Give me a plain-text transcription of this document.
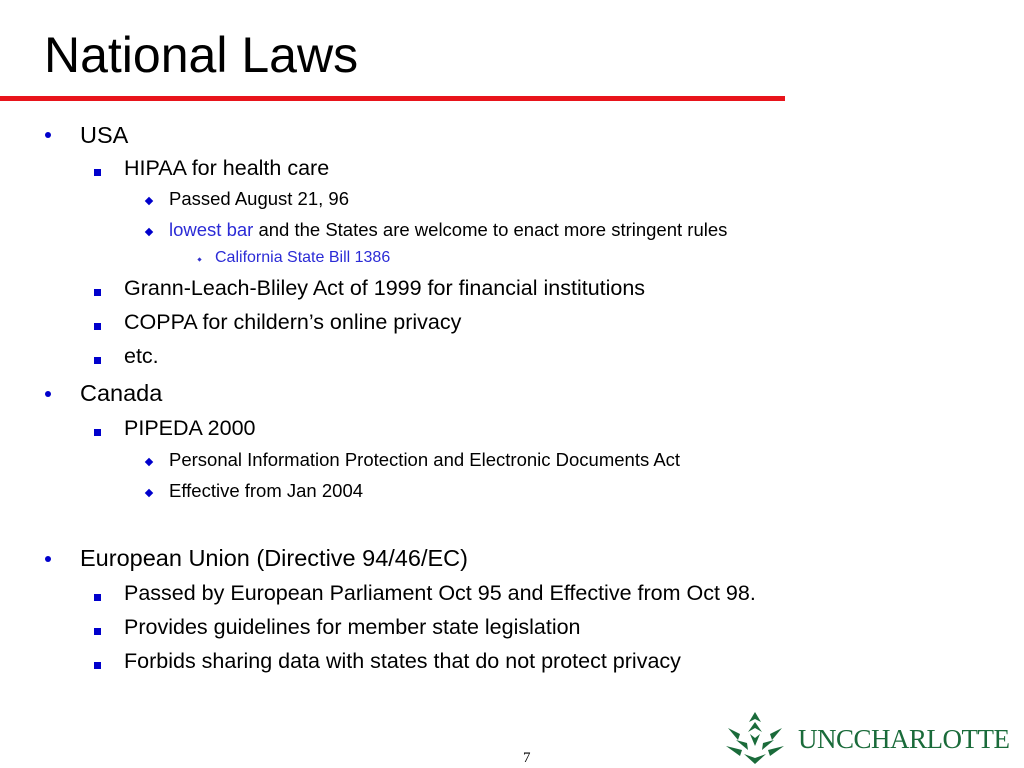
National Laws
USA
HIPAA for health care
Passed August 21, 96
lowest bar and the States are welcome to enact more stringent rules
California State Bill 1386
Grann-Leach-Bliley Act of 1999 for financial institutions
COPPA for childern’s online privacy
etc.
Canada
PIPEDA 2000
Personal Information Protection and Electronic Documents Act
Effective from Jan 2004
European Union (Directive 94/46/EC)
Passed by European Parliament Oct 95 and Effective from Oct 98.
Provides guidelines for member state legislation
Forbids sharing data with states that do not protect privacy
7
UNCCHARLOTTE
